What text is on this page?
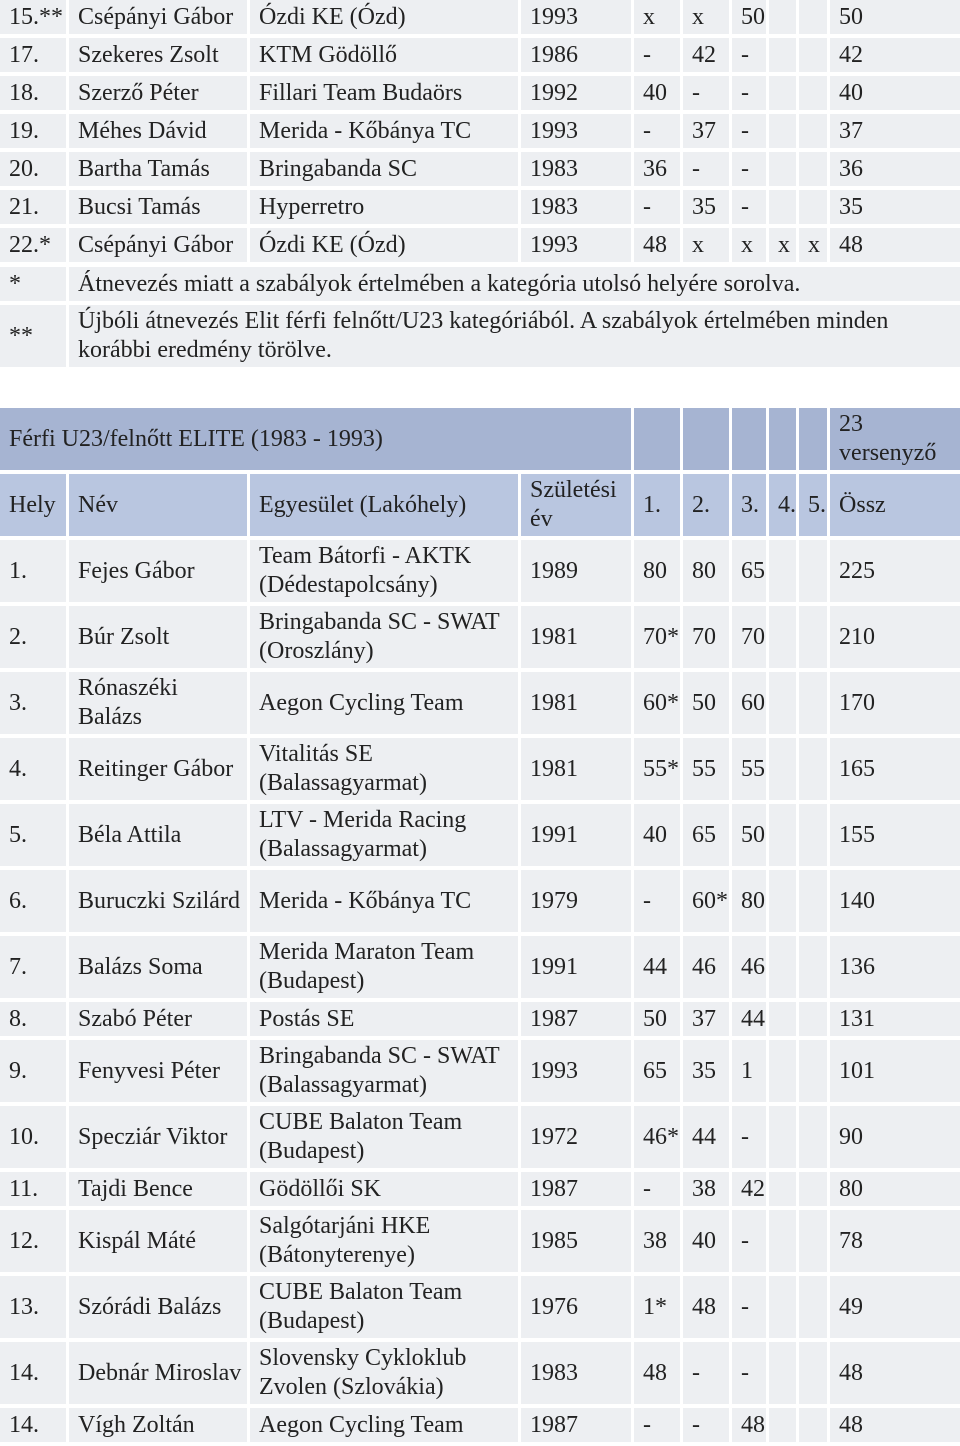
15.**	Csépányi Gábor	Ózdi KE (Ózd)	1993	x	x	50			50
17.	Szekeres Zsolt	KTM Gödöllő	1986	-	42	-			42
18.	Szerző Péter	Fillari Team Budaörs	1992	40	-	-			40
19.	Méhes Dávid	Merida - Kőbánya TC	1993	-	37	-			37
20.	Bartha Tamás	Bringabanda SC	1983	36	-	-			36
21.	Bucsi Tamás	Hyperretro	1983	-	35	-			35
22.*	Csépányi Gábor	Ózdi KE (Ózd)	1993	48	x	x	x	x	48
*	Átnevezés miatt a szabályok értelmében a kategória utolsó helyére sorolva.
**	Újbóli átnevezés Elit férfi felnőtt/U23 kategóriából. A szabályok értelmében minden korábbi eredmény törölve.
Férfi U23/felnőtt ELITE (1983 - 1993)									23 versenyző
Hely	Név	Egyesület (Lakóhely)	Születési év	1.	2.	3.	4.	5.	Össz
1.	Fejes Gábor	Team Bátorfi - AKTK (Dédestapolcsány)	1989	80	80	65			225
2.	Búr Zsolt	Bringabanda SC - SWAT (Oroszlány)	1981	70*	70	70			210
3.	Rónaszéki Balázs	Aegon Cycling Team	1981	60*	50	60			170
4.	Reitinger Gábor	Vitalitás SE (Balassagyarmat)	1981	55*	55	55			165
5.	Béla Attila	LTV - Merida Racing (Balassagyarmat)	1991	40	65	50			155
6.	Buruczki Szilárd	Merida - Kőbánya TC	1979	-	60*	80			140
7.	Balázs Soma	Merida Maraton Team (Budapest)	1991	44	46	46			136
8.	Szabó Péter	Postás SE	1987	50	37	44			131
9.	Fenyvesi Péter	Bringabanda SC - SWAT (Balassagyarmat)	1993	65	35	1			101
10.	Specziár Viktor	CUBE Balaton Team (Budapest)	1972	46*	44	-			90
11.	Tajdi Bence	Gödöllői SK	1987	-	38	42			80
12.	Kispál Máté	Salgótarjáni HKE (Bátonyterenye)	1985	38	40	-			78
13.	Szórádi Balázs	CUBE Balaton Team (Budapest)	1976	1*	48	-			49
14.	Debnár Miroslav	Slovensky Cykloklub Zvolen (Szlovákia)	1983	48	-	-			48
14.	Vígh Zoltán	Aegon Cycling Team	1987	-	-	48			48
